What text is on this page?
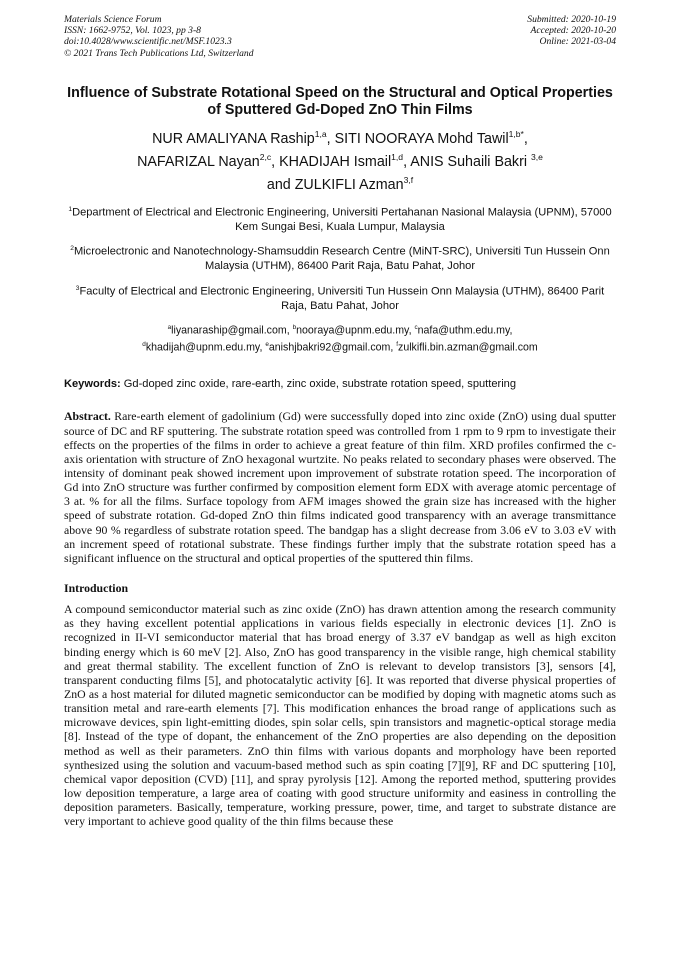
Materials Science Forum
ISSN: 1662-9752, Vol. 1023, pp 3-8
doi:10.4028/www.scientific.net/MSF.1023.3
© 2021 Trans Tech Publications Ltd, Switzerland
Submitted: 2020-10-19
Accepted: 2020-10-20
Online: 2021-03-04
Influence of Substrate Rotational Speed on the Structural and Optical Properties of Sputtered Gd-Doped ZnO Thin Films
NUR AMALIYANA Raship$^{1,a}$, SITI NOORAYA Mohd Tawil$^{1,b*}$,
NAFARIZAL Nayan$^{2,c}$, KHADIJAH Ismail$^{1,d}$, ANIS Suhaili Bakri $^{3,e}$
and ZULKIFLI Azman$^{3,f}$
$^1$Department of Electrical and Electronic Engineering, Universiti Pertahanan Nasional Malaysia (UPNM), 57000 Kem Sungai Besi, Kuala Lumpur, Malaysia
$^2$Microelectronic and Nanotechnology-Shamsuddin Research Centre (MiNT-SRC), Universiti Tun Hussein Onn Malaysia (UTHM), 86400 Parit Raja, Batu Pahat, Johor
$^3$Faculty of Electrical and Electronic Engineering, Universiti Tun Hussein Onn Malaysia (UTHM), 86400 Parit Raja, Batu Pahat, Johor
$^a$liyanaraship@gmail.com, $^b$nooraya@upnm.edu.my, $^c$nafa@uthm.edu.my,
$^d$khadijah@upnm.edu.my, $^e$anishjbakri92@gmail.com, $^f$zulkifli.bin.azman@gmail.com
Keywords: Gd-doped zinc oxide, rare-earth, zinc oxide, substrate rotation speed, sputtering
Abstract. Rare-earth element of gadolinium (Gd) were successfully doped into zinc oxide (ZnO) using dual sputter source of DC and RF sputtering. The substrate rotation speed was controlled from 1 rpm to 9 rpm to investigate their effects on the properties of the films in order to achieve a great feature of thin film. XRD profiles confirmed the c-axis orientation with structure of ZnO hexagonal wurtzite. No peaks related to secondary phases were observed. The intensity of dominant peak showed increment upon improvement of substrate rotation speed. The incorporation of Gd into ZnO structure was further confirmed by composition element form EDX with average atomic percentage of 3 at. % for all the films. Surface topology from AFM images showed the grain size has increased with the higher speed of substrate rotation. Gd-doped ZnO thin films indicated good transparency with an average transmittance above 90 % regardless of substrate rotation speed. The bandgap has a slight decrease from 3.06 eV to 3.03 eV with an increment speed of rotational substrate. These findings further imply that the substrate rotation speed has a significant influence on the structural and optical properties of the sputtered thin films.
Introduction
A compound semiconductor material such as zinc oxide (ZnO) has drawn attention among the research community as they having excellent potential applications in various fields especially in electronic devices [1]. ZnO is recognized in II-VI semiconductor material that has broad energy of 3.37 eV bandgap as well as high exciton binding energy which is 60 meV [2]. Also, ZnO has good transparency in the visible range, high chemical stability and great thermal stability. The excellent function of ZnO is relevant to develop transistors [3], sensors [4], transparent conducting films [5], and photocatalytic activity [6]. It was reported that diverse physical properties of ZnO as a host material for diluted magnetic semiconductor can be modified by doping with magnetic atoms such as transition metal and rare-earth elements [7]. This modification enhances the broad range of applications such as microwave devices, spin light-emitting diodes, spin solar cells, spin transistors and magnetic-optical storage media [8]. Instead of the type of dopant, the enhancement of the ZnO properties are also depending on the deposition method as well as their parameters. ZnO thin films with various dopants and morphology have been reported synthesized using the solution and vacuum-based method such as spin coating [7][9], RF and DC sputtering [10], chemical vapor deposition (CVD) [11], and spray pyrolysis [12]. Among the reported method, sputtering provides low deposition temperature, a large area of coating with good structure uniformity and easiness in controlling the deposition parameters. Basically, temperature, working pressure, power, time, and target to substrate distance are very important to achieve good quality of the thin films because these
